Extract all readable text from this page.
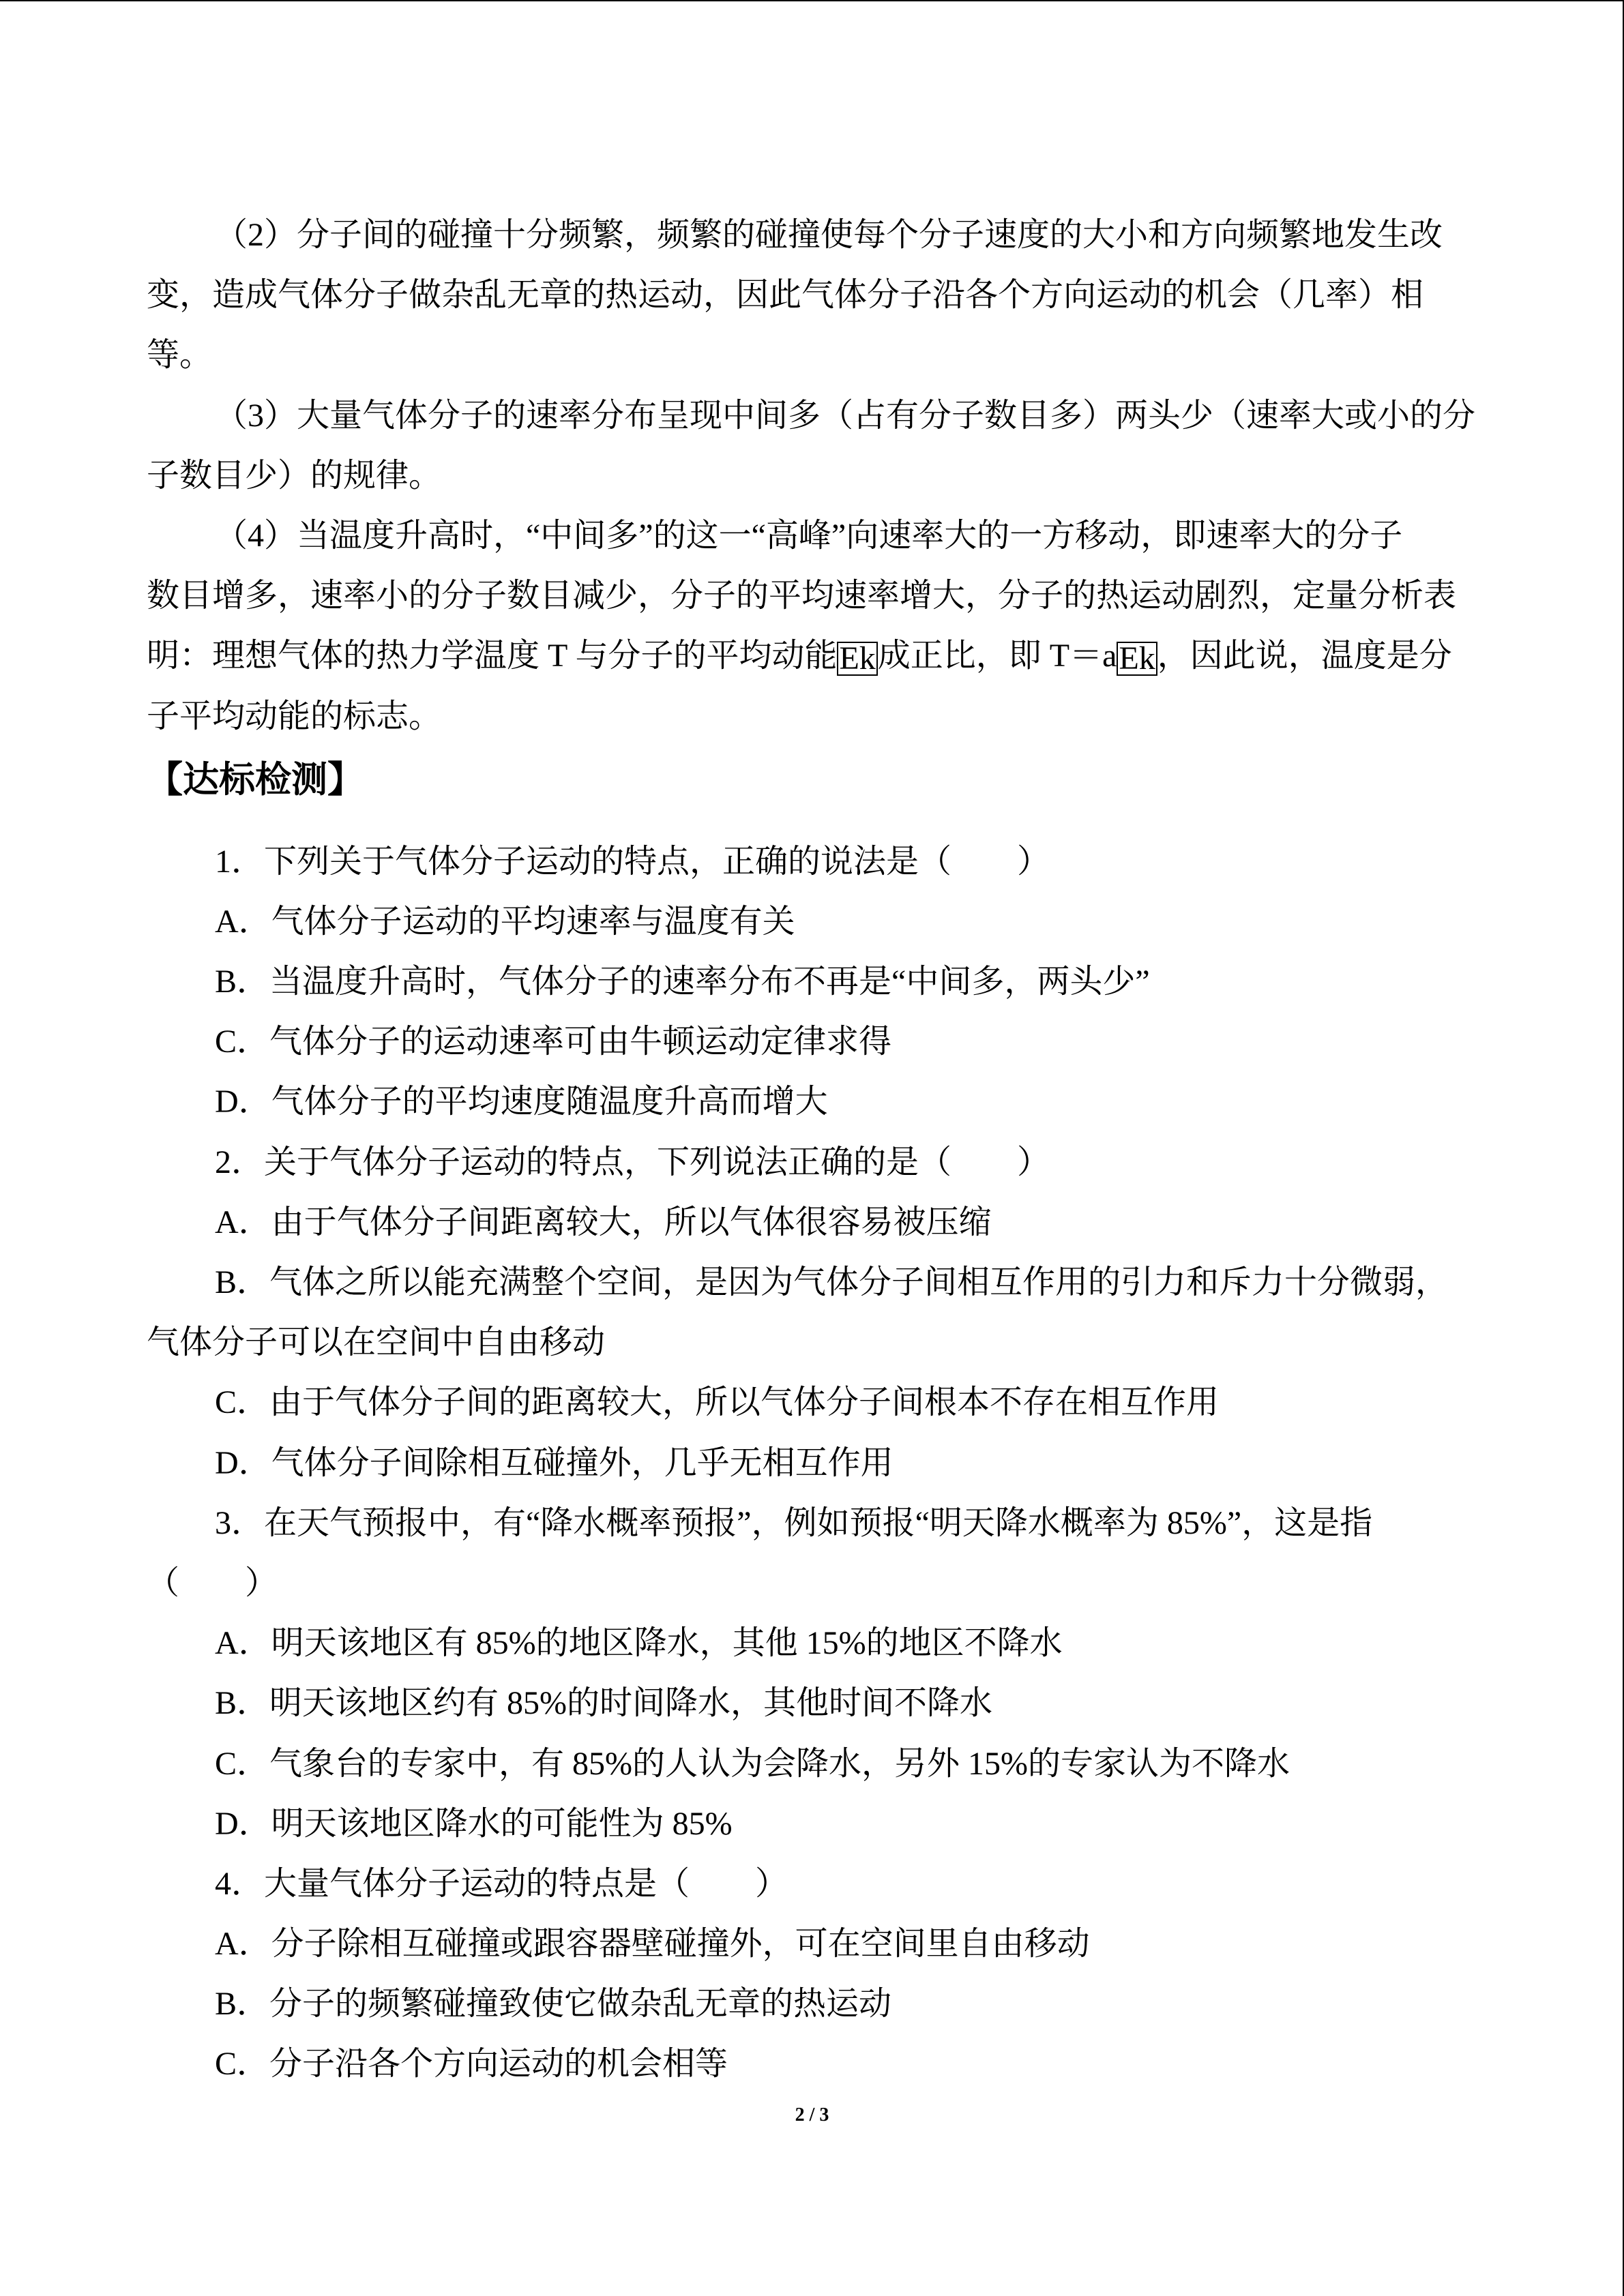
（2）分子间的碰撞十分频繁，频繁的碰撞使每个分子速度的大小和方向频繁地发生改
变，造成气体分子做杂乱无章的热运动，因此气体分子沿各个方向运动的机会（几率）相
等。
（3）大量气体分子的速率分布呈现中间多（占有分子数目多）两头少（速率大或小的分
子数目少）的规律。
（4）当温度升高时，“中间多”的这一“高峰”向速率大的一方移动，即速率大的分子
数目增多，速率小的分子数目减少，分子的平均速率增大，分子的热运动剧烈，定量分析表
明：理想气体的热力学温度 T 与分子的平均动能Ek成正比，即 T＝aEk，因此说，温度是分
子平均动能的标志。
【达标检测】
1．下列关于气体分子运动的特点，正确的说法是（　　）
A．气体分子运动的平均速率与温度有关
B．当温度升高时，气体分子的速率分布不再是“中间多，两头少”
C．气体分子的运动速率可由牛顿运动定律求得
D．气体分子的平均速度随温度升高而增大
2．关于气体分子运动的特点，下列说法正确的是（　　）
A．由于气体分子间距离较大，所以气体很容易被压缩
B．气体之所以能充满整个空间，是因为气体分子间相互作用的引力和斥力十分微弱，
气体分子可以在空间中自由移动
C．由于气体分子间的距离较大，所以气体分子间根本不存在相互作用
D．气体分子间除相互碰撞外，几乎无相互作用
3．在天气预报中，有“降水概率预报”，例如预报“明天降水概率为 85%”，这是指
（　　）
A．明天该地区有 85%的地区降水，其他 15%的地区不降水
B．明天该地区约有 85%的时间降水，其他时间不降水
C．气象台的专家中，有 85%的人认为会降水，另外 15%的专家认为不降水
D．明天该地区降水的可能性为 85%
4．大量气体分子运动的特点是（　　）
A．分子除相互碰撞或跟容器壁碰撞外，可在空间里自由移动
B．分子的频繁碰撞致使它做杂乱无章的热运动
C．分子沿各个方向运动的机会相等
2 / 3
